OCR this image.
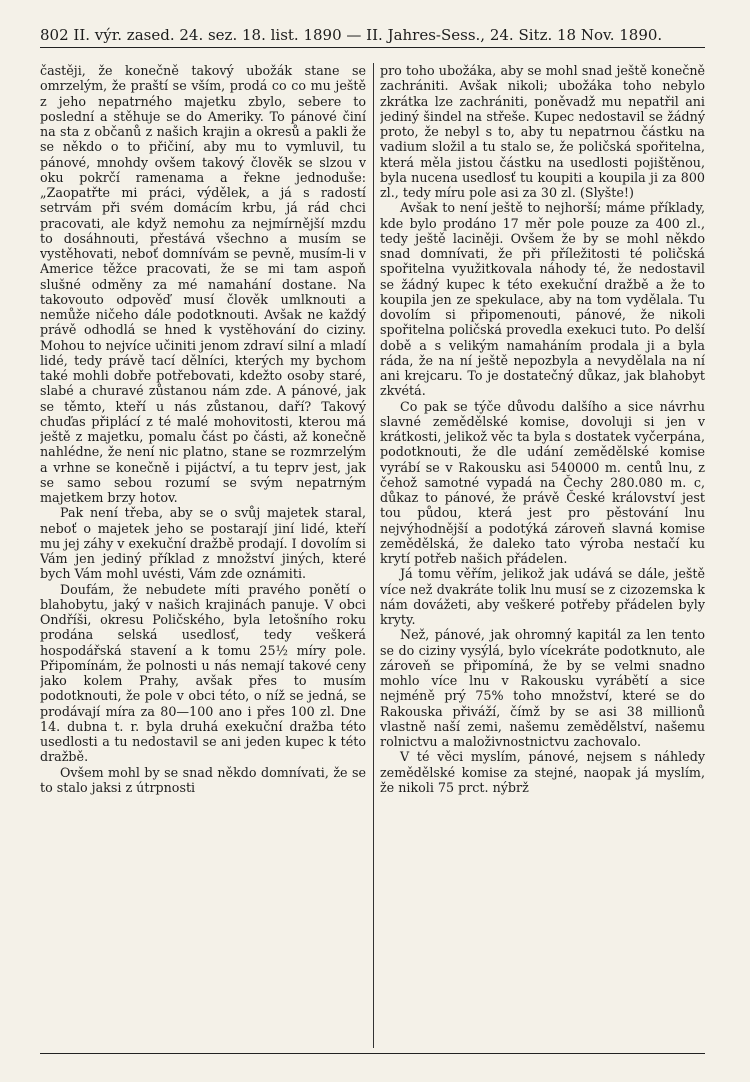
802 II. výr. zased. 24. sez. 18. list. 1890 — II. Jahres-Sess., 24. Sitz. 18 Nov. 1890.

častěji, že konečně takový ubožák stane se omrzelým, že praští se vším, prodá co co mu ještě z jeho nepatrného majetku zbylo, sebere to poslední a stěhuje se do Ameriky. To pánové činí na sta z občanů z našich krajin a okresů a pakli že se někdo o to přičiní, aby mu to vymluvil, tu pánové, mnohdy ovšem takový člověk se slzou v oku pokrčí ramenama a řekne jednoduše: „Zaopatřte mi práci, výdělek, a já s radostí setrvám při svém domácím krbu, já rád chci pracovati, ale když nemohu za nejmírnější mzdu to dosáhnouti, přestává všechno a musím se vystěhovati, neboť domnívám se pevně, musím-li v Americe těžce pracovati, že se mi tam aspoň slušné odměny za mé namahání dostane. Na takovouto odpověď musí člověk umlknouti a nemůže ničeho dále podotknouti. Avšak ne každý právě odhodlá se hned k vystěhování do ciziny. Mohou to nejvíce učiniti jenom zdraví silní a mladí lidé, tedy právě tací dělníci, kterých my bychom také mohli dobře potřebovati, kdežto osoby staré, slabé a churavé zůstanou nám zde. A pánové, jak se těmto, kteří u nás zůstanou, daří? Takový chuďas připlácí z té malé mohovitosti, kterou má ještě z majetku, pomalu část po části, až konečně nahlédne, že není nic platno, stane se rozmrzelým a vrhne se konečně i pijáctví, a tu teprv jest, jak se samo sebou rozumí se svým nepatrným majetkem brzy hotov.

Pak není třeba, aby se o svůj majetek staral, neboť o majetek jeho se postarají jiní lidé, kteří mu jej záhy v exekuční dražbě prodají. I dovolím si Vám jen jediný příklad z množství jiných, které bych Vám mohl uvésti, Vám zde oznámiti.

Doufám, že nebudete míti pravého ponětí o blahobytu, jaký v našich krajinách panuje. V obci Ondříši, okresu Poličského, byla letošního roku prodána selská usedlosť, tedy veškerá hospodářská stavení a k tomu 25½ míry pole. Připomínám, že polnosti u nás nemají takové ceny jako kolem Prahy, avšak přes to musím podotknouti, že pole v obci této, o níž se jedná, se prodávají míra za 80—100 ano i přes 100 zl. Dne 14. dubna t. r. byla druhá exekuční dražba této usedlosti a tu nedostavil se ani jeden kupec k této dražbě.

Ovšem mohl by se snad někdo domnívati, že se to stalo jaksi z útrpnosti

pro toho ubožáka, aby se mohl snad ještě konečně zachrániti. Avšak nikoli; ubožáka toho nebylo zkrátka lze zachrániti, poněvadž mu nepatřil ani jediný šindel na střeše. Kupec nedostavil se žádný proto, že nebyl s to, aby tu nepatrnou částku na vadium složil a tu stalo se, že poličská spořitelna, která měla jistou částku na usedlosti pojištěnou, byla nucena usedlosť tu koupiti a koupila ji za 800 zl., tedy míru pole asi za 30 zl. (Slyšte!)

Avšak to není ještě to nejhorší; máme příklady, kde bylo prodáno 17 měr pole pouze za 400 zl., tedy ještě laciněji. Ovšem že by se mohl někdo snad domnívati, že při příležitosti té poličská spořitelna využitkovala náhody té, že nedostavil se žádný kupec k této exekuční dražbě a že to koupila jen ze spekulace, aby na tom vydělala. Tu dovolím si připomenouti, pánové, že nikoli spořitelna poličská provedla exekuci tuto. Po delší době a s velikým namaháním prodala ji a byla ráda, že na ní ještě nepozbyla a nevydělala na ní ani krejcaru. To je dostatečný důkaz, jak blahobyt zkvétá.

Co pak se týče důvodu dalšího a sice návrhu slavné zemědělské komise, dovoluji si jen v krátkosti, jelikož věc ta byla s dostatek vyčerpána, podotknouti, že dle udání zemědělské komise vyrábí se v Rakousku asi 540000 m. centů lnu, z čehož samotné vypadá na Čechy 280.080 m. c, důkaz to pánové, že právě České království jest tou půdou, která jest pro pěstování lnu nejvýhodnější a podotýká zároveň slavná komise zemědělská, že daleko tato výroba nestačí ku krytí potřeb našich přádelen.

Já tomu věřím, jelikož jak udává se dále, ještě více než dvakráte tolik lnu musí se z cizozemska k nám dovážeti, aby veškeré potřeby přádelen byly kryty.

Než, pánové, jak ohromný kapitál za len tento se do ciziny vysýlá, bylo vícekráte podotknuto, ale zároveň se připomíná, že by se velmi snadno mohlo více lnu v Rakousku vyrábětí a sice nejméně prý 75% toho množství, které se do Rakouska přiváží, čímž by se asi 38 millionů vlastně naší zemi, našemu zemědělství, našemu rolnictvu a maloživnostnictvu zachovalo.

V té věci myslím, pánové, nejsem s náhledy zemědělské komise za stejné, naopak já myslím, že nikoli 75 prct. nýbrž
